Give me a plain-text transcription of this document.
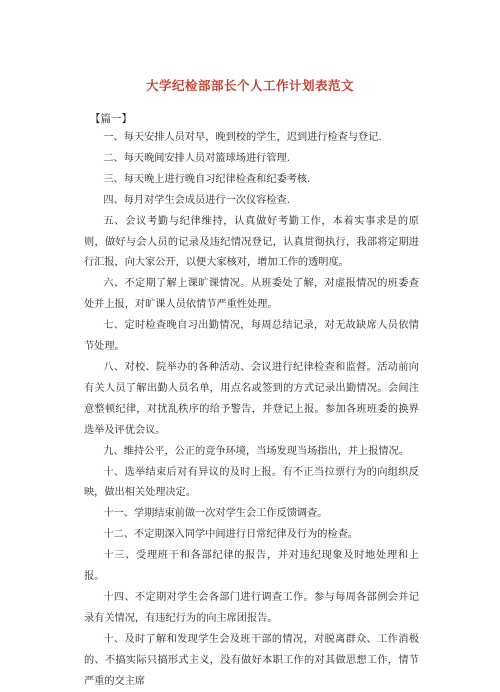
大学纪检部部长个人工作计划表范文
【篇一】

一、每天安排人员对早，晚到校的学生，迟到进行检查与登记.

二、每天晚间安排人员对篮球场进行管理.

三、每天晚上进行晚自习纪律检查和纪委考核.

四、每月对学生会成员进行一次仪容检查.

五、会议考勤与纪律维持，认真做好考勤工作，本着实事求是的原则，做好与会人员的记录及违纪情况登记，认真贯彻执行，我部将定期进行汇报，向大家公开，以便大家核对，增加工作的透明度。

六、不定期了解上课旷课情况。从班委处了解，对虚报情况的班委查处并上报，对旷课人员依情节严重性处理。

七、定时检查晚自习出勤情况，每周总结记录，对无故缺席人员依情节处理。

八、对校、院举办的各种活动、会议进行纪律检查和监督。活动前向有关人员了解出勤人员名单，用点名或签到的方式记录出勤情况。会间注意整顿纪律，对扰乱秩序的给予警告，并登记上报。参加各班班委的换界选举及评优会议。

九、维持公平，公正的竞争环境，当场发现当场指出，并上报情况。

十、选举结束后对有异议的及时上报。有不正当拉票行为的向组织反映，做出相关处理决定。

十一、学期结束前做一次对学生会工作反馈调查。

十二、不定期深入同学中间进行日常纪律及行为的检查。

十三、受理班干和各部纪律的报告，并对违纪现象及时地处理和上报。

十四、不定期对学生会各部门进行调查工作。参与每周各部例会并记录有关情况，有违纪行为的向主席团报告。

十、及时了解和发现学生会及班干部的情况，对脱离群众、工作消极的、不搞实际只搞形式主义，没有做好本职工作的对其做思想工作，情节严重的交主席
